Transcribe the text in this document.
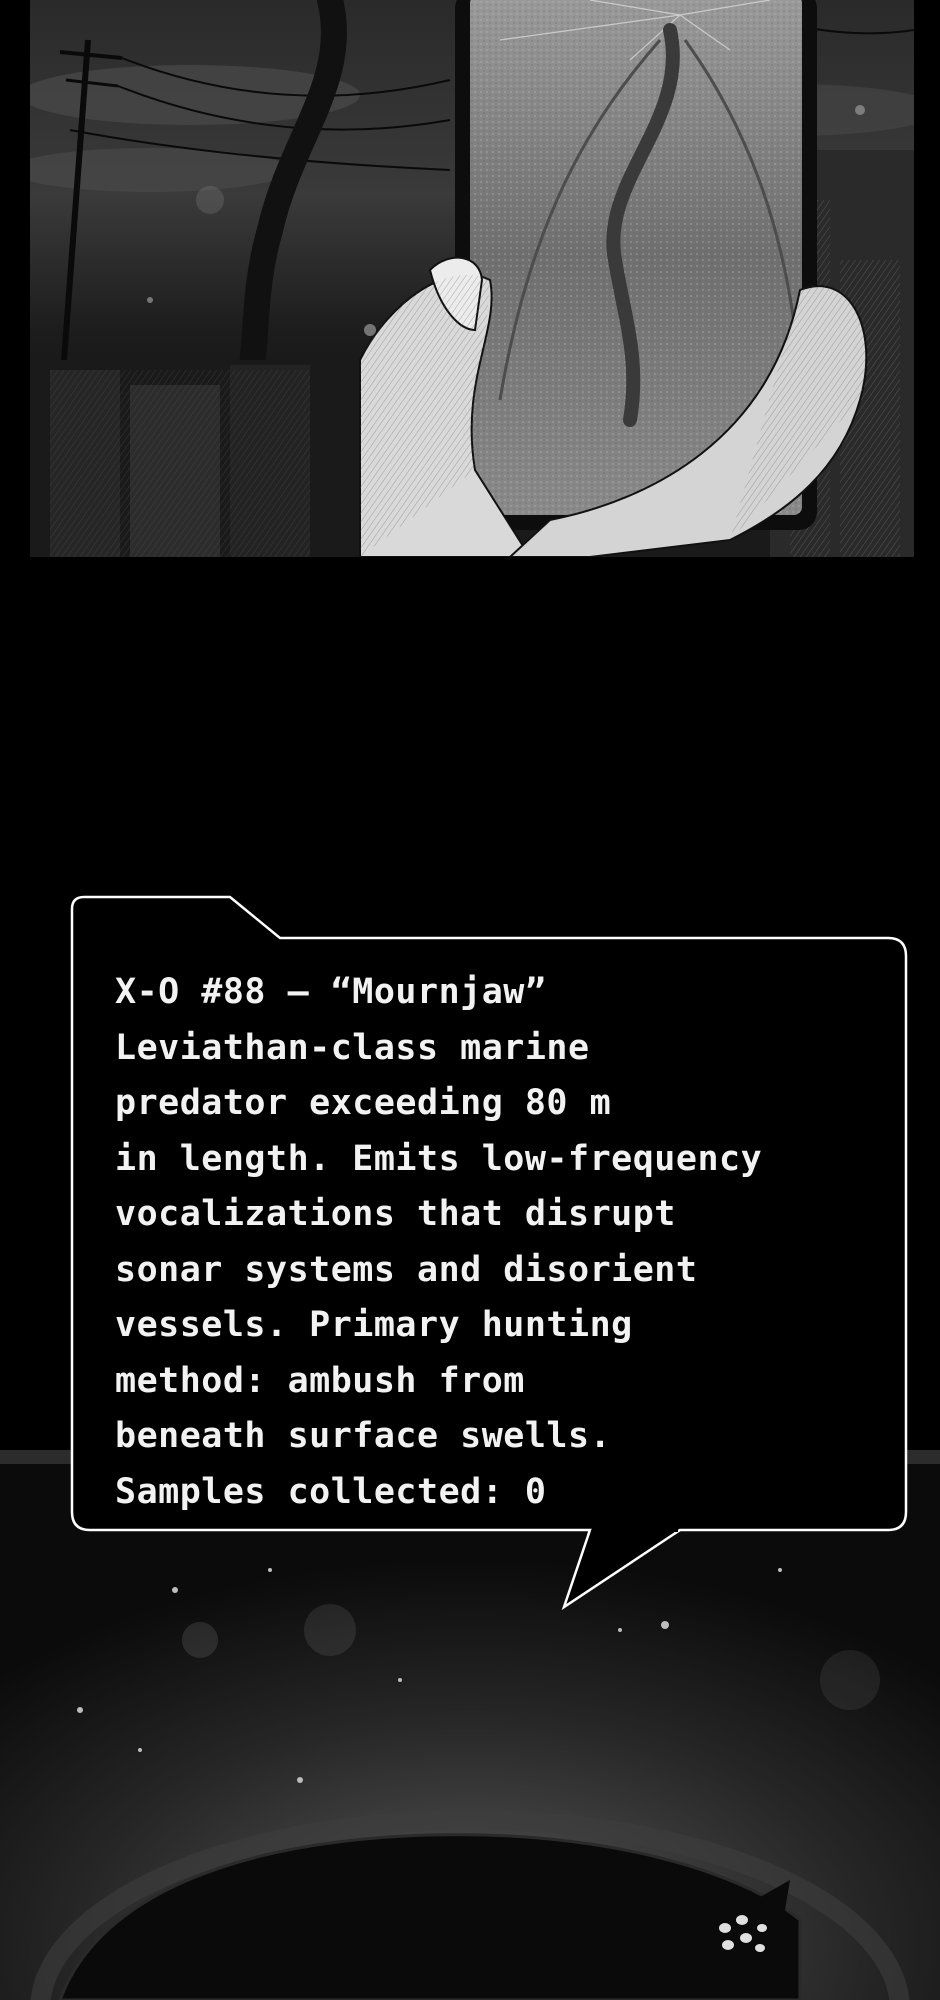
X-O #88 – “Mournjaw”
Leviathan-class marine
predator exceeding 80 m
in length. Emits low-frequency
vocalizations that disrupt
sonar systems and disorient
vessels. Primary hunting
method: ambush from
beneath surface swells.
Samples collected: 0
